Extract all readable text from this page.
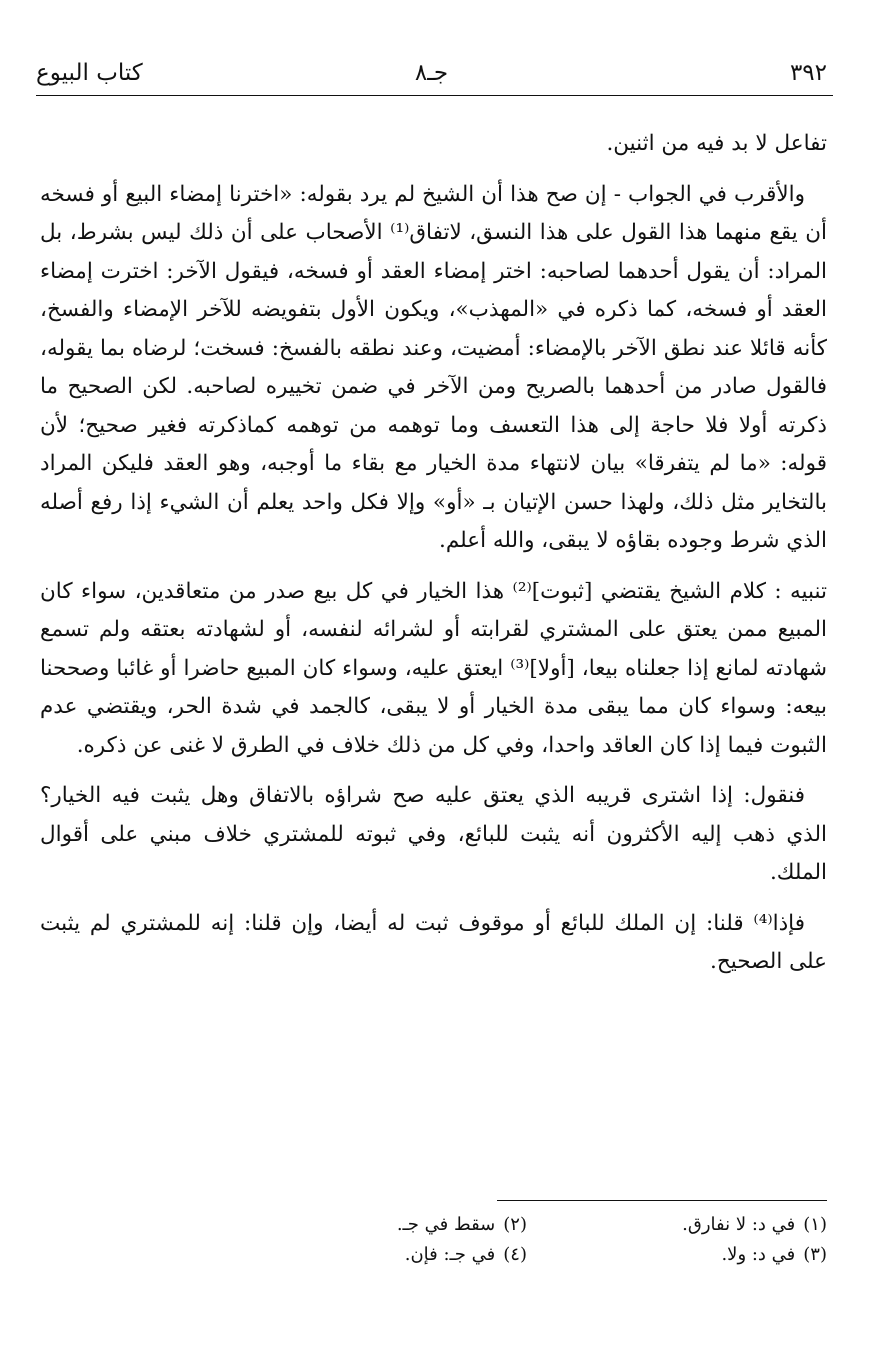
٣٩٢
جـ٨
كتاب البيوع

تفاعل لا بد فيه من اثنين.

والأقرب في الجواب - إن صح هذا أن الشيخ لم يرد بقوله: «اخترنا إمضاء البيع أو فسخه أن يقع منهما هذا القول على هذا النسق، لاتفاق⁽¹⁾ الأصحاب على أن ذلك ليس بشرط، بل المراد: أن يقول أحدهما لصاحبه: اختر إمضاء العقد أو فسخه، فيقول الآخر: اخترت إمضاء العقد أو فسخه، كما ذكره في «المهذب»، ويكون الأول بتفويضه للآخر الإمضاء والفسخ، كأنه قائلا عند نطق الآخر بالإمضاء: أمضيت، وعند نطقه بالفسخ: فسخت؛ لرضاه بما يقوله، فالقول صادر من أحدهما بالصريح ومن الآخر في ضمن تخييره لصاحبه. لكن الصحيح ما ذكرته أولا فلا حاجة إلى هذا التعسف وما توهمه من توهمه كماذكرته فغير صحيح؛ لأن قوله: «ما لم يتفرقا» بيان لانتهاء مدة الخيار مع بقاء ما أوجبه، وهو العقد فليكن المراد بالتخاير مثل ذلك، ولهذا حسن الإتيان بـ «أو» وإلا فكل واحد يعلم أن الشيء إذا رفع أصله الذي شرط وجوده بقاؤه لا يبقى، والله أعلم.

تنبيه : كلام الشيخ يقتضي [ثبوت]⁽²⁾ هذا الخيار في كل بيع صدر من متعاقدين، سواء كان المبيع ممن يعتق على المشتري لقرابته أو لشرائه لنفسه، أو لشهادته بعتقه ولم تسمع شهادته لمانع إذا جعلناه بيعا، [أولا]⁽³⁾ ايعتق عليه، وسواء كان المبيع حاضرا أو غائبا وصححنا بيعه: وسواء كان مما يبقى مدة الخيار أو لا يبقى، كالجمد في شدة الحر، ويقتضي عدم الثبوت فيما إذا كان العاقد واحدا، وفي كل من ذلك خلاف في الطرق لا غنى عن ذكره.

فنقول: إذا اشترى قريبه الذي يعتق عليه صح شراؤه بالاتفاق وهل يثبت فيه الخيار؟ الذي ذهب إليه الأكثرون أنه يثبت للبائع، وفي ثبوته للمشتري خلاف مبني على أقوال الملك.

فإذا⁽⁴⁾ قلنا: إن الملك للبائع أو موقوف ثبت له أيضا، وإن قلنا: إنه للمشتري لم يثبت على الصحيح.

(١)في د: لا نفارق.
(٢)سقط في جـ.
(٣)في د: ولا.
(٤)في جـ: فإن.
